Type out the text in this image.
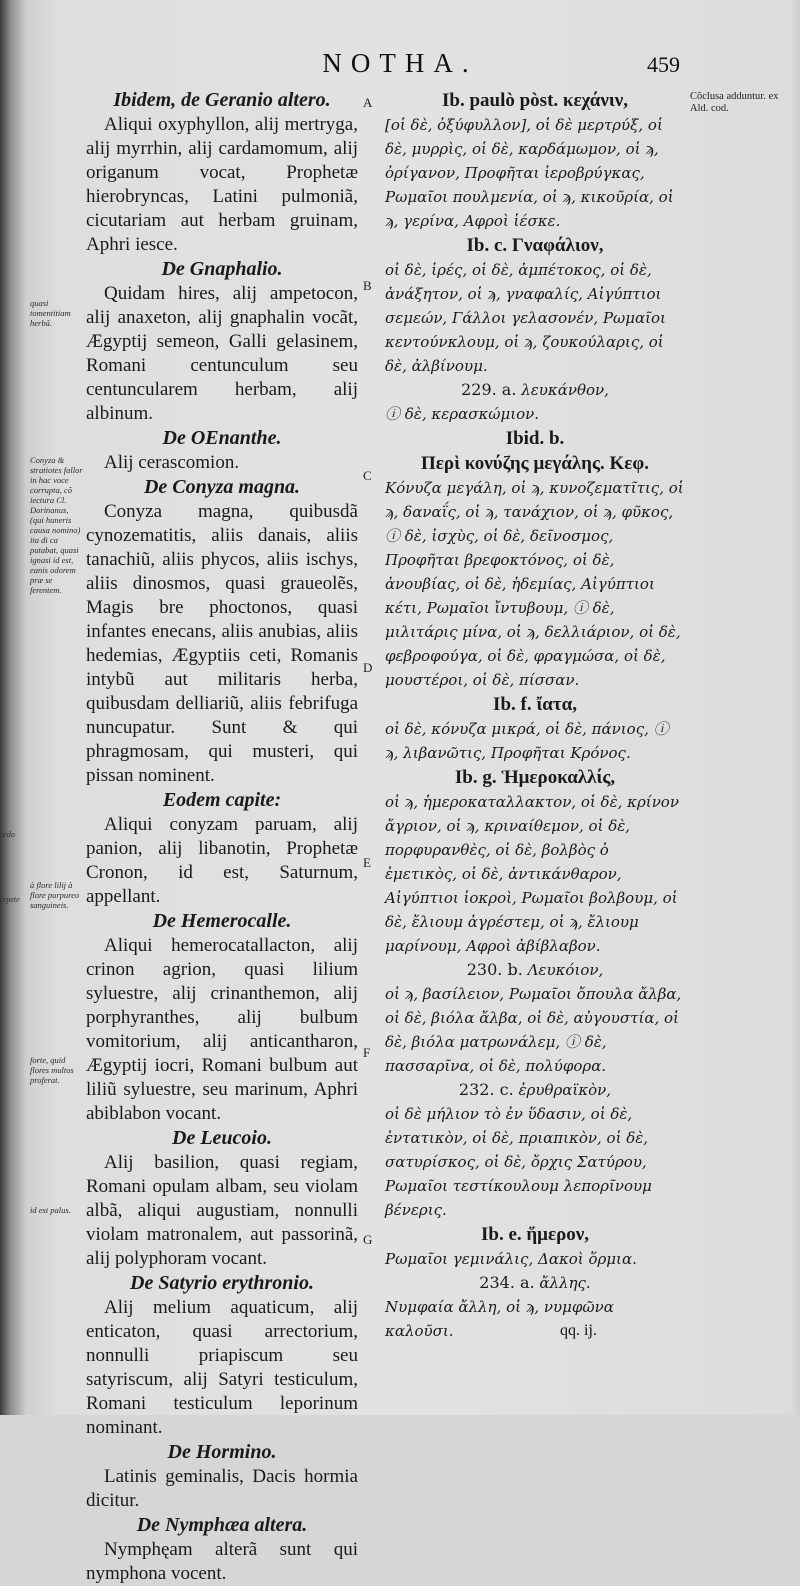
NOTHA.	459
Cõclusa adduntur. ex Ald. cod.
ordo
repete
quasi tomentitiam herbã.
Conyza & stratiotes fallor in hac voce corrupta, cõ iectura Cl. Dorinanus, (qui huneris causa nomino) ita di ca putabat, quasi ignasi id est, eanis odorem præ se ferentem.
à flore lilij à flore purpureo sanguineis.
forte, quid flores multos proferat.
id est palus.
A
B
C
D
E
F
G
Ibidem, de Geranio altero.

Aliqui oxyphyllon, alij mertryga, alij myrrhin, alij cardamomum, alij origanum vocat, Prophetæ hierobryncas, Latini pulmoniã, cicutariam aut herbam gruinam, Aphri iesce.

De Gnaphalio.

Quidam hires, alij ampetocon, alij anaxeton, alij gnaphalin vocãt, Ægyptij semeon, Galli gelasinem, Romani centunculum seu centuncularem herbam, alij albinum.

De OEnanthe.

Alij cerascomion.

De Conyza magna.

Conyza magna, quibusdã cynozematitis, aliis danais, aliis tanachiũ, aliis phycos, aliis ischys, aliis dinosmos, quasi graueolẽs, Magis bre phoctonos, quasi infantes enecans, aliis anubias, aliis hedemias, Ægyptiis ceti, Romanis intybũ aut militaris herba, quibusdam delliariũ, aliis febrifuga nuncupatur. Sunt & qui phragmosam, qui musteri, qui pissan nominent.

Eodem capite:

Aliqui conyzam paruam, alij panion, alij libanotin, Prophetæ Cronon, id est, Saturnum, appellant.

De Hemerocalle.

Aliqui hemerocatallacton, alij crinon agrion, quasi lilium syluestre, alij crinanthemon, alij porphyranthes, alij bulbum vomitorium, alij anticantharon, Ægyptij iocri, Romani bulbum aut liliũ syluestre, seu marinum, Aphri abiblabon vocant.

De Leucoio.

Alij basilion, quasi regiam, Romani opulam albam, seu violam albã, aliqui augustiam, nonnulli violam matronalem, aut passorinã, alij polyphoram vocant.

De Satyrio erythronio.

Alij melium aquaticum, alij enticaton, quasi arrectorium, nonnulli priapiscum seu satyriscum, alij Satyri testiculum, Romani testiculum leporinum nominant.

De Hormino.

Latinis geminalis, Dacis hormia dicitur.

De Nymphæa altera.

Nymphęam alterã sunt qui nymphona vocent.

Ib. paulò pòst. κεχάνιν,

[οἱ δὲ, ὀξύφυλλον], οἱ δὲ μερτρύξ, οἱ δὲ, μυρρὶς, οἱ δὲ, καρδάμωμον, οἱ ϡ, ὀρίγανον, Προφῆται ἱεροβρύγκας, Ρωμαῖοι πουλμενία, οἱ ϡ, κικοῦρία, οἱ ϡ, γερίνα, Αφροὶ ἱέσκε.

Ib. c. Γναφάλιον,

οἱ δὲ, ἱρές, οἱ δὲ, ἀμπέτοκος, οἱ δὲ, ἀνάξητον, οἱ ϡ, γναφαλίς, Αἰγύπτιοι σεμεών, Γάλλοι γελασονέν, Ρωμαῖοι κεντούνκλουμ, οἱ ϡ, ζουκούλαρις, οἱ δὲ, ἀλβίνουμ.

229. a. λευκάνθον,

ⓘ δὲ, κερασκώμιον.

Ibid. b.
Περὶ κονύζης μεγάλης. Κεφ.

Κόνυζα μεγάλη, οἱ ϡ, κυνοζεματῖτις, οἱ ϡ, δαναΐς, οἱ ϡ, τανάχιον, οἱ ϡ, φῦκος, ⓘ δὲ, ἰσχὺς, οἱ δὲ, δεῖνοσμος, Προφῆται βρεφοκτόνος, οἱ δὲ, ἀνουβίας, οἱ δὲ, ἡδεμίας, Αἰγύπτιοι κέτι, Ρωμαῖοι ἴντυβουμ, ⓘ δὲ, μιλιτάρις μίνα, οἱ ϡ, δελλιάριον, οἱ δὲ, φεβροφούγα, οἱ δὲ, φραγμώσα, οἱ δὲ, μουστέροι, οἱ δὲ, πίσσαν.

Ib. f. ἴατα,

οἱ δὲ, κόνυζα μικρά, οἱ δὲ, πάνιος, ⓘ ϡ, λιβανῶτις, Προφῆται Κρόνος.

Ib. g. Ἡμεροκαλλίς,

οἱ ϡ, ἡμεροκαταλλακτον, οἱ δὲ, κρίνον ἄγριον, οἱ ϡ, κριναίθεμον, οἱ δὲ, πορφυρανθὲς, οἱ δὲ, βολβὸς ὁ ἐμετικὸς, οἱ δὲ, ἀντικάνθαρον, Αἰγύπτιοι ἰοκροὶ, Ρωμαῖοι βολβουμ, οἱ δὲ, ἔλιουμ ἀγρέστεμ, οἱ ϡ, ἔλιουμ μαρίνουμ, Αφροὶ ἀβίβλαβον.

230. b. Λευκόιον,

οἱ ϡ, βασίλειον, Ρωμαῖοι ὄπουλα ἄλβα, οἱ δὲ, βιόλα ἄλβα, οἱ δὲ, αὐγουστία, οἱ δὲ, βιόλα ματρωνάλεμ, ⓘ δὲ, πασσαρῖνα, οἱ δὲ, πολύφορα.

232. c. ἐρυθραϊκὸν,

οἱ δὲ μήλιον τὸ ἐν ὕδασιν, οἱ δὲ, ἐντατικὸν, οἱ δὲ, πριαπικὸν, οἱ δὲ, σατυρίσκος, οἱ δὲ, ὄρχις Σατύρου, Ρωμαῖοι τεστίκουλουμ λεπορῖνουμ βένερις.

Ib. e. ἥμερον,

Ρωμαῖοι γεμινάλις, Δακοὶ ὅρμια.

234. a. ἄλλης.

Νυμφαία ἄλλη, οἱ ϡ, νυμφῶνα καλοῦσι.	qq. ij.
